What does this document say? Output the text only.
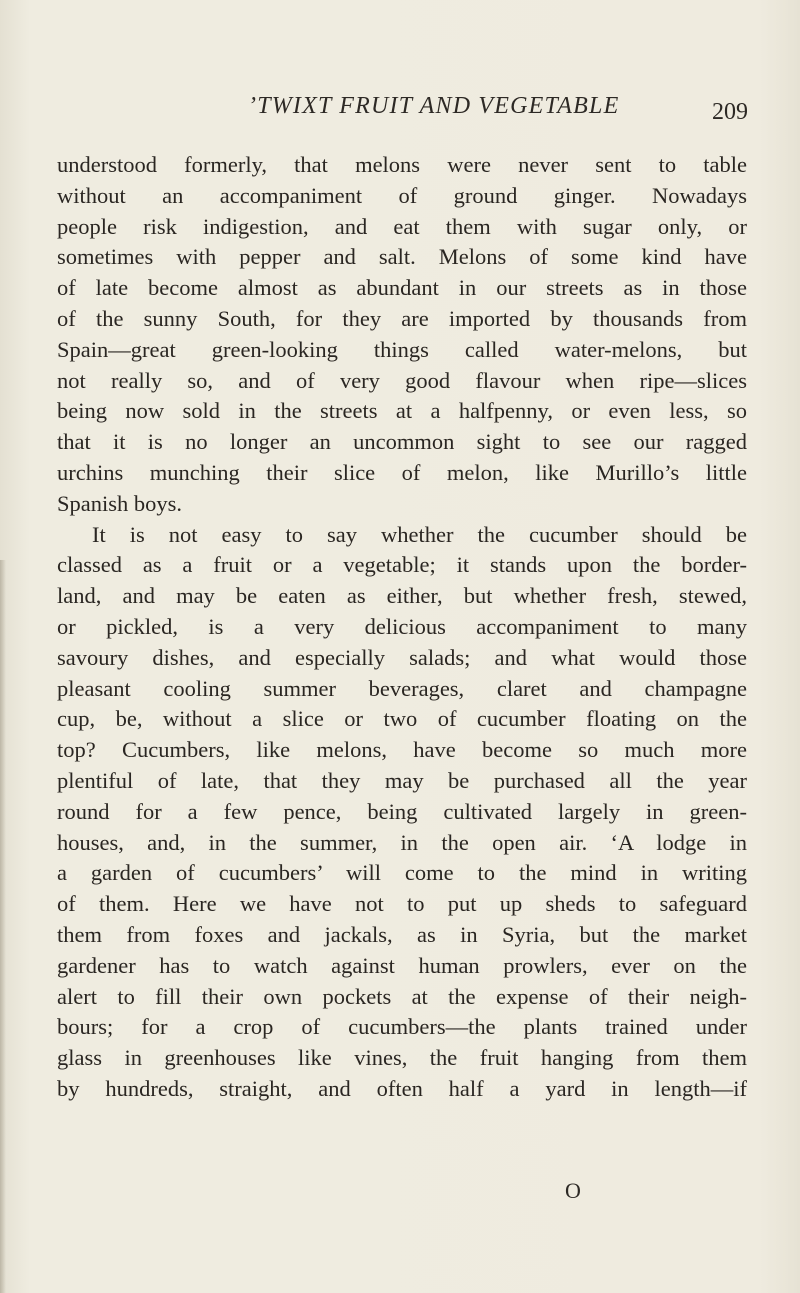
’TWIXT FRUIT AND VEGETABLE	209
understood formerly, that melons were never sent to table
without an accompaniment of ground ginger. Nowadays
people risk indigestion, and eat them with sugar only, or
sometimes with pepper and salt. Melons of some kind have
of late become almost as abundant in our streets as in those
of the sunny South, for they are imported by thousands from
Spain—great green-looking things called water-melons, but
not really so, and of very good flavour when ripe—slices
being now sold in the streets at a halfpenny, or even less, so
that it is no longer an uncommon sight to see our ragged
urchins munching their slice of melon, like Murillo’s little
Spanish boys.
It is not easy to say whether the cucumber should be
classed as a fruit or a vegetable; it stands upon the border-
land, and may be eaten as either, but whether fresh, stewed,
or pickled, is a very delicious accompaniment to many
savoury dishes, and especially salads; and what would those
pleasant cooling summer beverages, claret and champagne
cup, be, without a slice or two of cucumber floating on the
top? Cucumbers, like melons, have become so much more
plentiful of late, that they may be purchased all the year
round for a few pence, being cultivated largely in green-
houses, and, in the summer, in the open air. ‘A lodge in
a garden of cucumbers’ will come to the mind in writing
of them. Here we have not to put up sheds to safeguard
them from foxes and jackals, as in Syria, but the market
gardener has to watch against human prowlers, ever on the
alert to fill their own pockets at the expense of their neigh-
bours; for a crop of cucumbers—the plants trained under
glass in greenhouses like vines, the fruit hanging from them
by hundreds, straight, and often half a yard in length—if
O
